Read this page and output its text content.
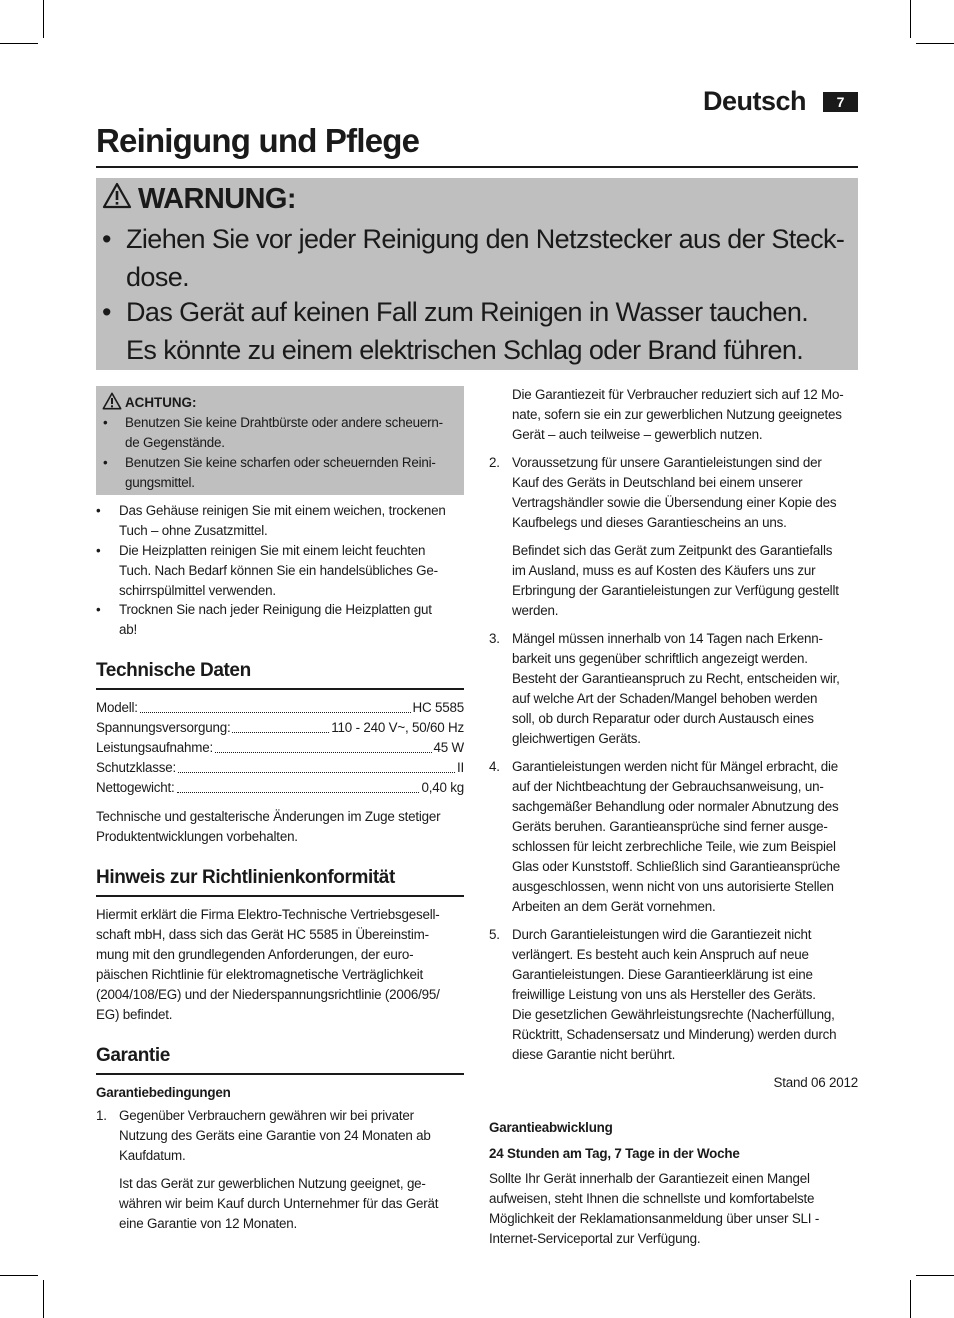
Deutsch	7
Reinigung und Pflege
WARNUNG:
• Ziehen Sie vor jeder Reinigung den Netzstecker aus der Steck-
dose.
• Das Gerät auf keinen Fall zum Reinigen in Wasser tauchen.
Es könnte zu einem elektrischen Schlag oder Brand führen.
ACHTUNG:
• Benutzen Sie keine Drahtbürste oder andere scheuern-
de Gegenstände.
• Benutzen Sie keine scharfen oder scheuernden Reini-
gungsmittel.
• Das Gehäuse reinigen Sie mit einem weichen, trockenen
Tuch – ohne Zusatzmittel.
• Die Heizplatten reinigen Sie mit einem leicht feuchten
Tuch. Nach Bedarf können Sie ein handelsübliches Ge-
schirrspülmittel verwenden.
• Trocknen Sie nach jeder Reinigung die Heizplatten gut
ab!
Technische Daten
Modell:	HC 5585
Spannungsversorgung:	110 - 240 V~, 50/60 Hz
Leistungsaufnahme:	45 W
Schutzklasse:	II
Nettogewicht:	0,40 kg
Technische und gestalterische Änderungen im Zuge stetiger
Produktentwicklungen vorbehalten.
Hinweis zur Richtlinienkonformität
Hiermit erklärt die Firma Elektro-Technische Vertriebsgesell-
schaft mbH, dass sich das Gerät HC 5585 in Übereinstim-
mung mit den grundlegenden Anforderungen, der euro-
päischen Richtlinie für elektromagnetische Verträglichkeit
(2004/108/EG) und der Niederspannungsrichtlinie (2006/95/
EG) befindet.
Garantie
Garantiebedingungen
1. Gegenüber Verbrauchern gewähren wir bei privater
Nutzung des Geräts eine Garantie von 24 Monaten ab
Kaufdatum.
Ist das Gerät zur gewerblichen Nutzung geeignet, ge-
währen wir beim Kauf durch Unternehmer für das Gerät
eine Garantie von 12 Monaten.
Die Garantiezeit für Verbraucher reduziert sich auf 12 Mo-
nate, sofern sie ein zur gewerblichen Nutzung geeignetes
Gerät – auch teilweise – gewerblich nutzen.
2. Voraussetzung für unsere Garantieleistungen sind der
Kauf des Geräts in Deutschland bei einem unserer
Vertragshändler sowie die Übersendung einer Kopie des
Kaufbelegs und dieses Garantiescheins an uns.
Befindet sich das Gerät zum Zeitpunkt des Garantiefalls
im Ausland, muss es auf Kosten des Käufers uns zur
Erbringung der Garantieleistungen zur Verfügung gestellt
werden.
3. Mängel müssen innerhalb von 14 Tagen nach Erkenn-
barkeit uns gegenüber schriftlich angezeigt werden.
Besteht der Garantieanspruch zu Recht, entscheiden wir,
auf welche Art der Schaden/Mangel behoben werden
soll, ob durch Reparatur oder durch Austausch eines
gleichwertigen Geräts.
4. Garantieleistungen werden nicht für Mängel erbracht, die
auf der Nichtbeachtung der Gebrauchsanweisung, un-
sachgemäßer Behandlung oder normaler Abnutzung des
Geräts beruhen. Garantieansprüche sind ferner ausge-
schlossen für leicht zerbrechliche Teile, wie zum Beispiel
Glas oder Kunststoff. Schließlich sind Garantieansprüche
ausgeschlossen, wenn nicht von uns autorisierte Stellen
Arbeiten an dem Gerät vornehmen.
5. Durch Garantieleistungen wird die Garantiezeit nicht
verlängert. Es besteht auch kein Anspruch auf neue
Garantieleistungen. Diese Garantieerklärung ist eine
freiwillige Leistung von uns als Hersteller des Geräts.
Die gesetzlichen Gewährleistungsrechte (Nacherfüllung,
Rücktritt, Schadensersatz und Minderung) werden durch
diese Garantie nicht berührt.
Stand 06 2012
Garantieabwicklung
24 Stunden am Tag, 7 Tage in der Woche
Sollte Ihr Gerät innerhalb der Garantiezeit einen Mangel
aufweisen, steht Ihnen die schnellste und komfortabelste
Möglichkeit der Reklamationsanmeldung über unser SLI -
Internet-Serviceportal zur Verfügung.
